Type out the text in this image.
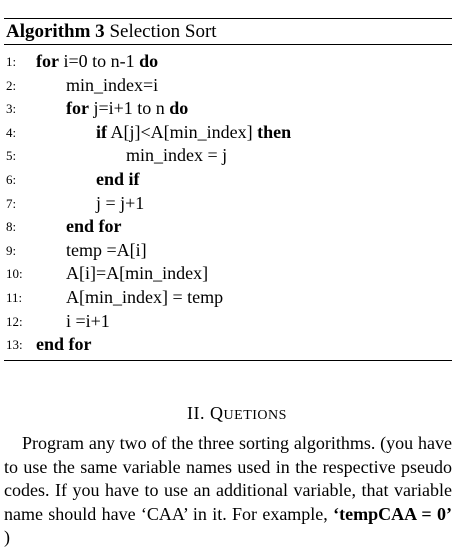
Algorithm 3 Selection Sort
1:	for i=0 to n-1 do
2:	min_index=i
3:	for j=i+1 to n do
4:	if A[j]<A[min_index] then
5:	min_index = j
6:	end if
7:	j = j+1
8:	end for
9:	temp =A[i]
10:	A[i]=A[min_index]
11:	A[min_index] = temp
12:	i =i+1
13: end for
II. QUETIONS
Program any two of the three sorting algorithms. (you have to use the same variable names used in the respective pseudo codes. If you have to use an additional variable, that variable name should have ‘CAA’ in it. For example, ‘tempCAA = 0’ )
